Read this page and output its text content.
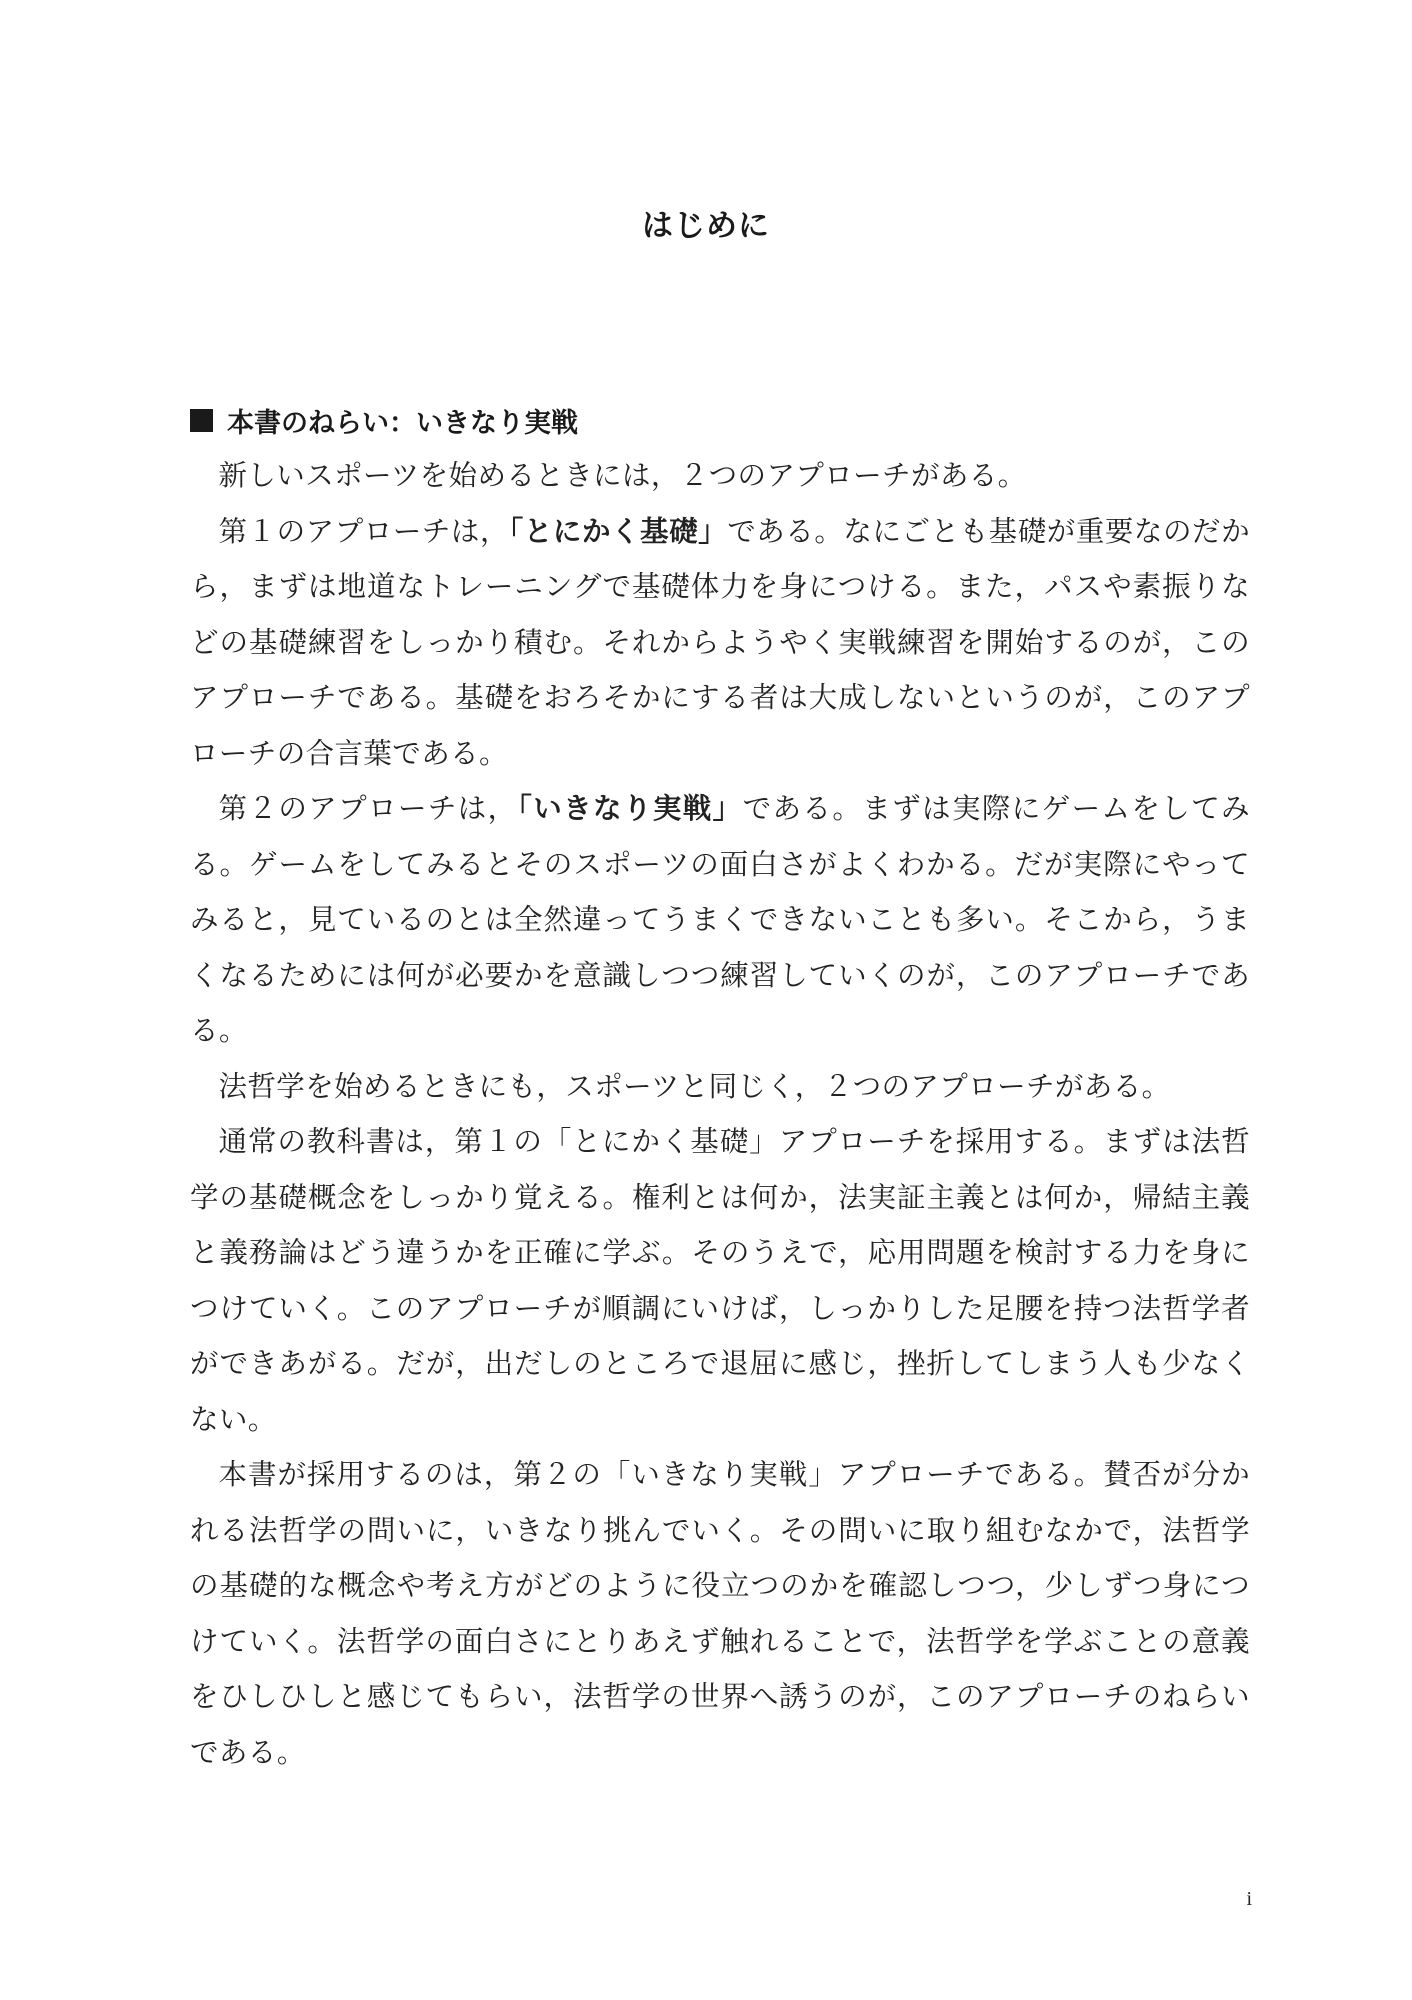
はじめに
本書のねらい：いきなり実戦

新しいスポーツを始めるときには，２つのアプローチがある。

第１のアプローチは，「とにかく基礎」である。なにごとも基礎が重要なのだから，まずは地道なトレーニングで基礎体力を身につける。また，パスや素振りなどの基礎練習をしっかり積む。それからようやく実戦練習を開始するのが，このアプローチである。基礎をおろそかにする者は大成しないというのが，このアプローチの合言葉である。

第２のアプローチは，「いきなり実戦」である。まずは実際にゲームをしてみる。ゲームをしてみるとそのスポーツの面白さがよくわかる。だが実際にやってみると，見ているのとは全然違ってうまくできないことも多い。そこから，うまくなるためには何が必要かを意識しつつ練習していくのが，このアプローチである。

法哲学を始めるときにも，スポーツと同じく，２つのアプローチがある。

通常の教科書は，第１の「とにかく基礎」アプローチを採用する。まずは法哲学の基礎概念をしっかり覚える。権利とは何か，法実証主義とは何か，帰結主義と義務論はどう違うかを正確に学ぶ。そのうえで，応用問題を検討する力を身につけていく。このアプローチが順調にいけば，しっかりした足腰を持つ法哲学者ができあがる。だが，出だしのところで退屈に感じ，挫折してしまう人も少なくない。

本書が採用するのは，第２の「いきなり実戦」アプローチである。賛否が分かれる法哲学の問いに，いきなり挑んでいく。その問いに取り組むなかで，法哲学の基礎的な概念や考え方がどのように役立つのかを確認しつつ，少しずつ身につけていく。法哲学の面白さにとりあえず触れることで，法哲学を学ぶことの意義をひしひしと感じてもらい，法哲学の世界へ誘うのが，このアプローチのねらいである。

i
